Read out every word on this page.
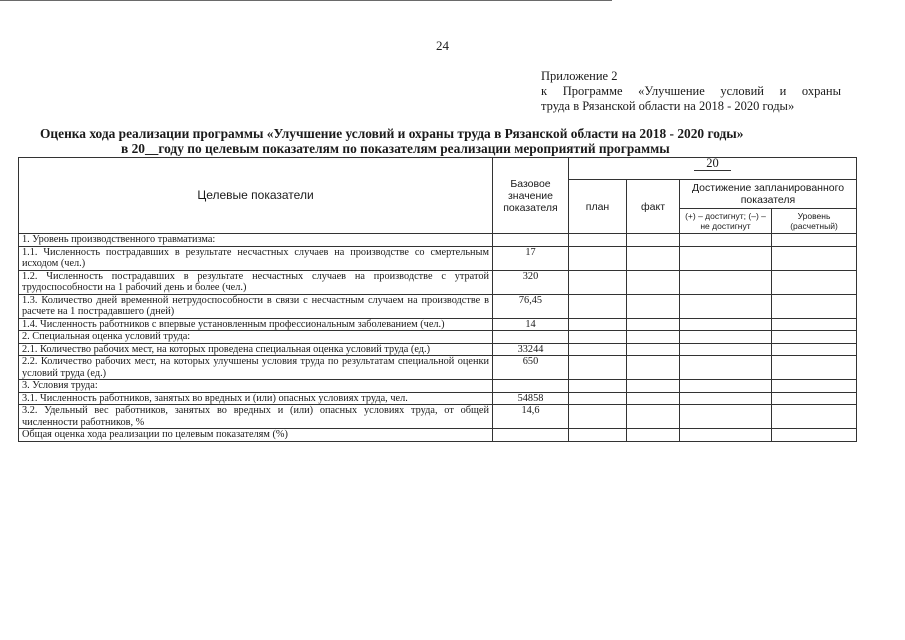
24
Приложение 2
к Программе «Улучшение условий и охраны
труда в Рязанской области на 2018 - 2020 годы»
Оценка хода реализации программы «Улучшение условий и охраны труда в Рязанской области на 2018 - 2020 годы»
в 20__году по целевым показателям по показателям реализации мероприятий программы
Целевые показатели	Базовое значение показателя	20			
		план	факт	Достижение запланированного показателя	
				(+) – достигнут; (–) – не достигнут	Уровень (расчетный)
1. Уровень производственного травматизма:					
1.1. Численность пострадавших в результате несчастных случаев на производстве со смертельным исходом (чел.)	17				
1.2. Численность пострадавших в результате несчастных случаев на производстве с утратой трудоспособности на 1 рабочий день и более (чел.)	320				
1.3. Количество дней временной нетрудоспособности в связи с несчастным случаем на производстве в расчете на 1 пострадавшего (дней)	76,45				
1.4. Численность работников с впервые установленным профессиональным заболеванием (чел.)	14				
2. Специальная оценка условий труда:					
2.1. Количество рабочих мест, на которых проведена специальная оценка условий труда (ед.)	33244				
2.2. Количество рабочих мест, на которых улучшены условия труда по результатам специальной оценки условий труда (ед.)	650				
3. Условия труда:					
3.1. Численность работников, занятых во вредных и (или) опасных условиях труда, чел.	54858				
3.2. Удельный вес работников, занятых во вредных и (или) опасных условиях труда, от общей численности работников, %	14,6				
Общая оценка хода реализации по целевым показателям (%)					
